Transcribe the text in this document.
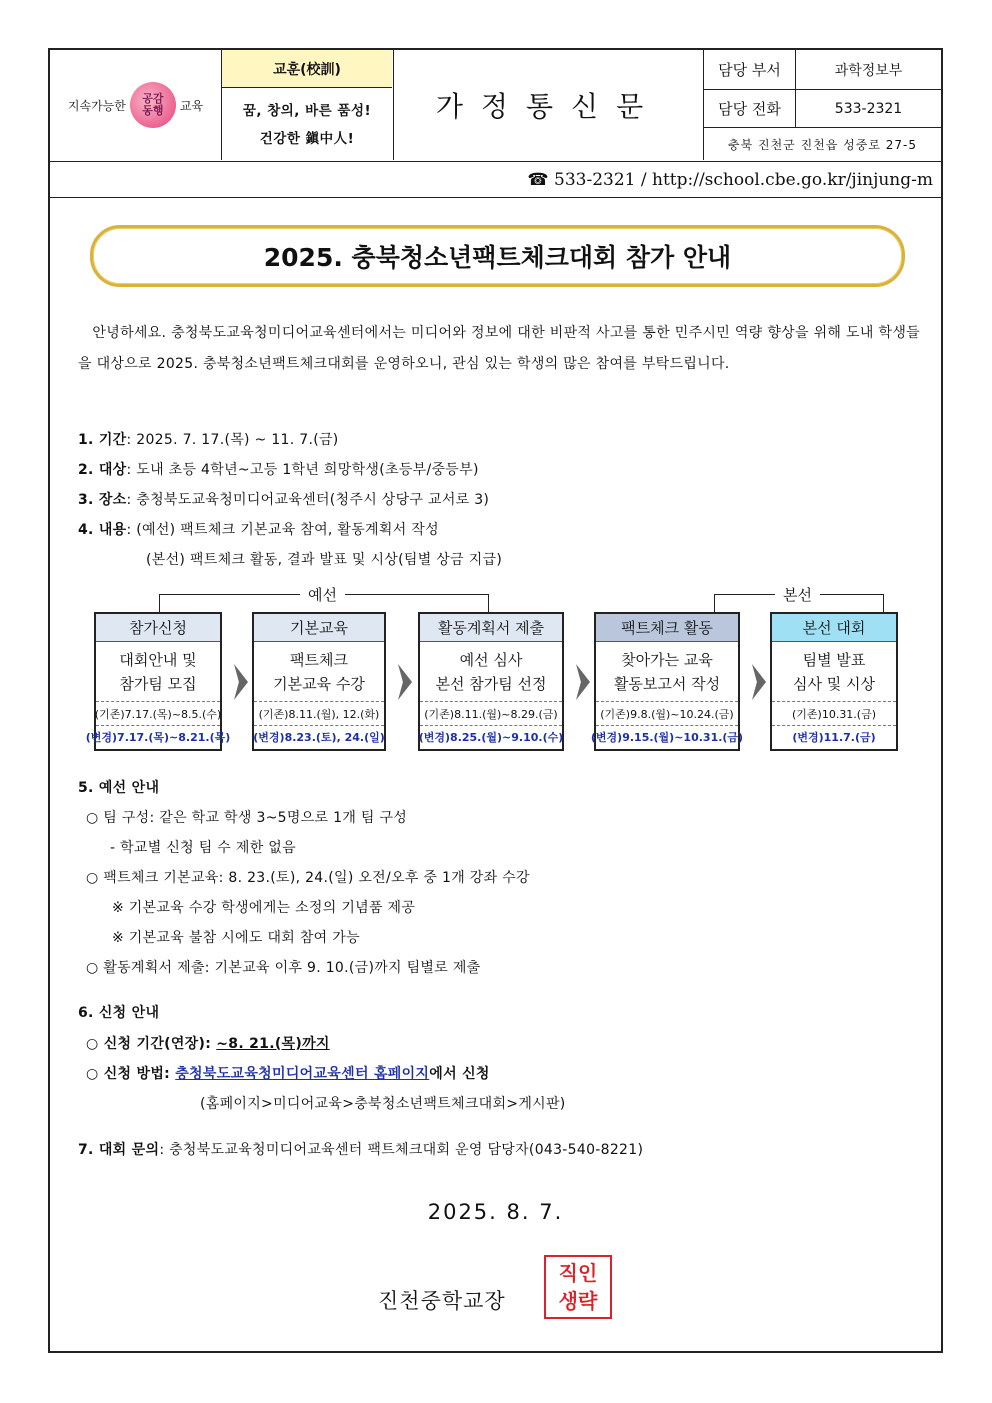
지속가능한 공감
동행 교육
교훈(校訓)
꿈, 창의, 바른 품성!
건강한 鎭中人!
가정통신문
담당 부서	과학정보부
담당 전화	533-2321
충북 진천군 진천읍 성중로 27-5
☎ 533-2321 / http://school.cbe.go.kr/jinjung-m
2025. 충북청소년팩트체크대회 참가 안내
안녕하세요. 충청북도교육청미디어교육센터에서는 미디어와 정보에 대한 비판적 사고를 통한 민주시민 역량 향상을 위해 도내 학생들을 대상으로 2025. 충북청소년팩트체크대회를 운영하오니, 관심 있는 학생의 많은 참여를 부탁드립니다.
1. 기간: 2025. 7. 17.(목) ~ 11. 7.(금)
2. 대상: 도내 초등 4학년~고등 1학년 희망학생(초등부/중등부)
3. 장소: 충청북도교육청미디어교육센터(청주시 상당구 교서로 3)
4. 내용: (예선) 팩트체크 기본교육 참여, 활동계획서 작성
(본선) 팩트체크 활동, 결과 발표 및 시상(팀별 상금 지급)
예선	본선
참가신청
대회안내 및
참가팀 모집
(기존)7.17.(목)~8.5.(수)
(변경)7.17.(목)~8.21.(목)
기본교육
팩트체크
기본교육 수강
(기존)8.11.(월), 12.(화)
(변경)8.23.(토), 24.(일)
활동계획서 제출
예선 심사
본선 참가팀 선정
(기존)8.11.(월)~8.29.(금)
(변경)8.25.(월)~9.10.(수)
팩트체크 활동
찾아가는 교육
활동보고서 작성
(기존)9.8.(월)~10.24.(금)
(변경)9.15.(월)~10.31.(금)
본선 대회
팀별 발표
심사 및 시상
(기존)10.31.(금)
(변경)11.7.(금)
5. 예선 안내
○ 팀 구성: 같은 학교 학생 3~5명으로 1개 팀 구성
- 학교별 신청 팀 수 제한 없음
○ 팩트체크 기본교육: 8. 23.(토), 24.(일) 오전/오후 중 1개 강좌 수강
※ 기본교육 수강 학생에게는 소정의 기념품 제공
※ 기본교육 불참 시에도 대회 참여 가능
○ 활동계획서 제출: 기본교육 이후 9. 10.(금)까지 팀별로 제출
6. 신청 안내
○ 신청 기간(연장): ~8. 21.(목)까지
○ 신청 방법: 충청북도교육청미디어교육센터 홈페이지에서 신청
(홈페이지>미디어교육>충북청소년팩트체크대회>게시판)
7. 대회 문의: 충청북도교육청미디어교육센터 팩트체크대회 운영 담당자(043-540-8221)
2025. 8. 7.
진천중학교장
직인
생략
